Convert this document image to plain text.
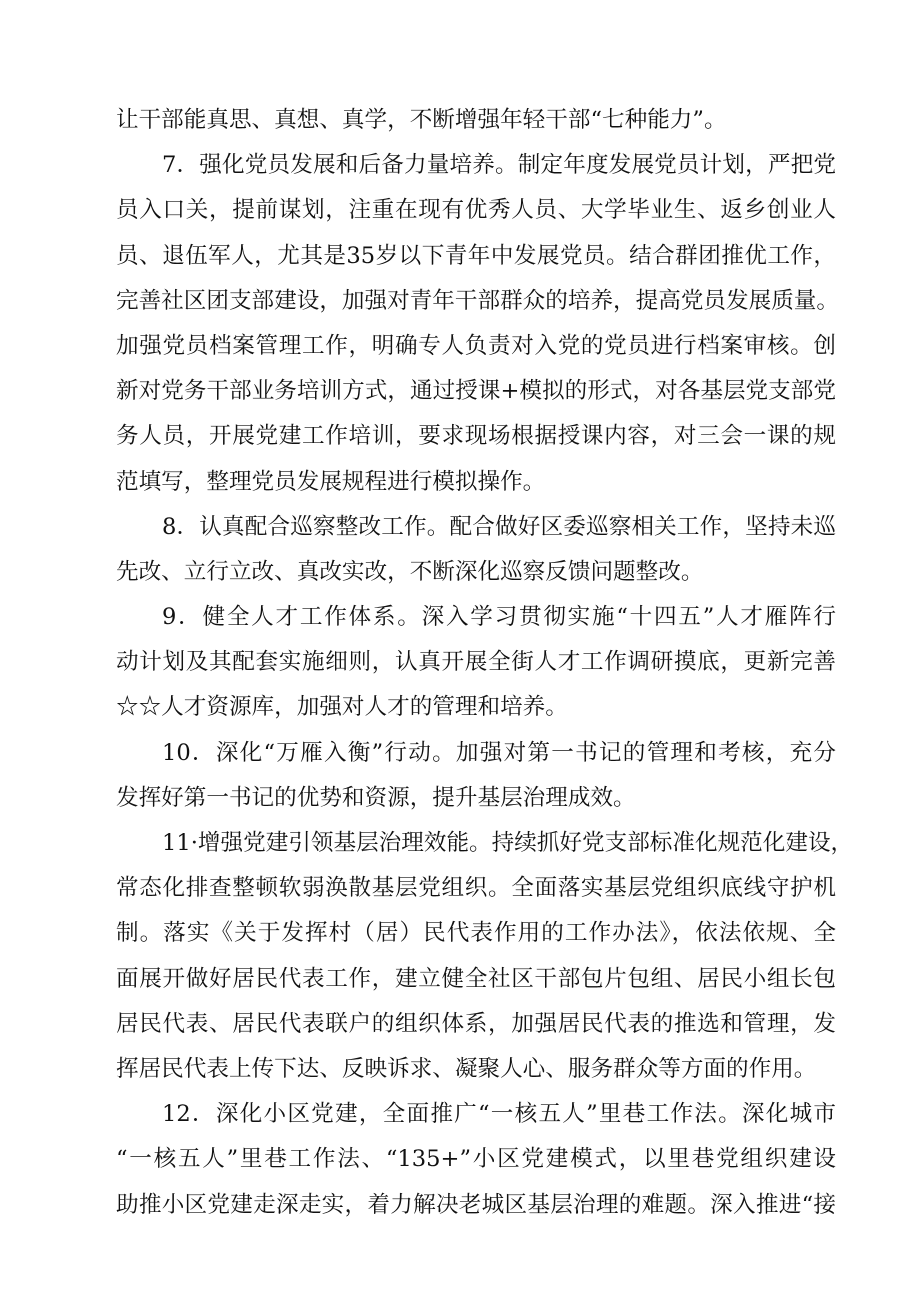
让干部能真思、真想、真学，不断增强年轻干部“七种能力”。
7．强化党员发展和后备力量培养。制定年度发展党员计划，严把党
员入口关，提前谋划，注重在现有优秀人员、大学毕业生、返乡创业人
员、退伍军人，尤其是35岁以下青年中发展党员。结合群团推优工作，
完善社区团支部建设，加强对青年干部群众的培养，提高党员发展质量。
加强党员档案管理工作，明确专人负责对入党的党员进行档案审核。创
新对党务干部业务培训方式，通过授课+模拟的形式，对各基层党支部党
务人员，开展党建工作培训，要求现场根据授课内容，对三会一课的规
范填写，整理党员发展规程进行模拟操作。
8．认真配合巡察整改工作。配合做好区委巡察相关工作，坚持未巡
先改、立行立改、真改实改，不断深化巡察反馈问题整改。
9．健全人才工作体系。深入学习贯彻实施“十四五”人才雁阵行
动计划及其配套实施细则，认真开展全街人才工作调研摸底，更新完善
☆☆人才资源库，加强对人才的管理和培养。
10．深化“万雁入衡”行动。加强对第一书记的管理和考核，充分
发挥好第一书记的优势和资源，提升基层治理成效。
11·增强党建引领基层治理效能。持续抓好党支部标准化规范化建设，
常态化排查整顿软弱涣散基层党组织。全面落实基层党组织底线守护机
制。落实《关于发挥村（居）民代表作用的工作办法》，依法依规、全
面展开做好居民代表工作，建立健全社区干部包片包组、居民小组长包
居民代表、居民代表联户的组织体系，加强居民代表的推选和管理，发
挥居民代表上传下达、反映诉求、凝聚人心、服务群众等方面的作用。
12．深化小区党建，全面推广“一核五人”里巷工作法。深化城市
“一核五人”里巷工作法、“135+”小区党建模式，以里巷党组织建设
助推小区党建走深走实，着力解决老城区基层治理的难题。深入推进“接
